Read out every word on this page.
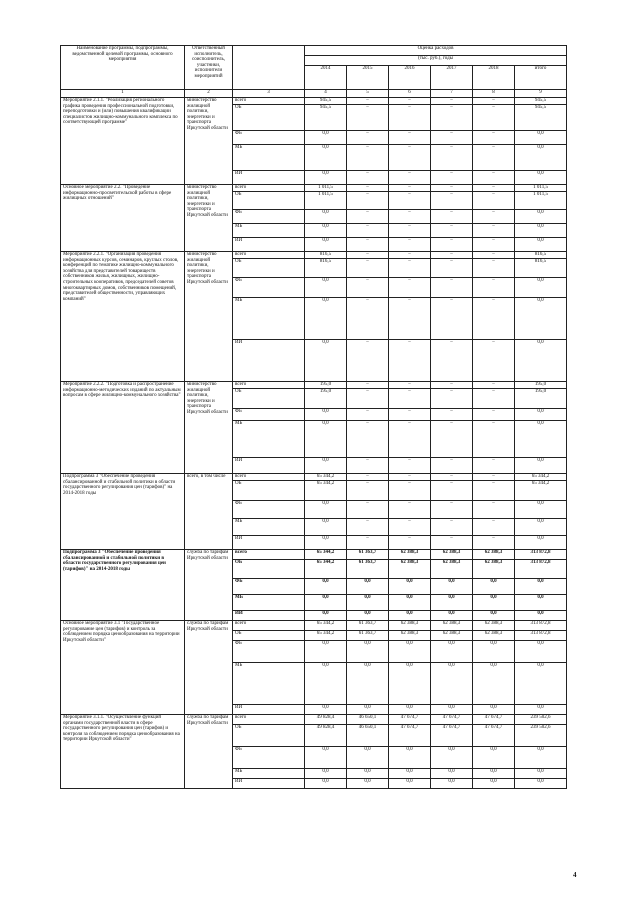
Наименование программы, подпрограммы, ведомственной целевой программы, основного мероприятия	Ответственный исполнитель, соисполнитель, участники, исполнители мероприятий		Оценка расходов					
			(тыс. руб.), годы					
			2014	2015	2016	2017	2018	итого
1	2	3	4	5	6	7	8	9
Мероприятие 2.1.1. "Реализация регионального графика проведения профессиональной подготовки, переподготовки и (или) повышения квалификации специалистов жилищно-коммунального комплекса по соответствующей программе"	министерство жилищной политики, энергетики и транспорта Иркутской области	всего	945,5	–	–	–	–	945,5
		ОБ	945,5	–	–	–	–	945,5
		ФБ	0,0	–	–	–	–	0,0
		МБ	0,0	–	–	–	–	0,0
		ИИ	0,0	–	–	–	–	0,0
Основное мероприятие 2.2. "Проведение информационно-просветительской работы в сфере жилищных отношений"	министерство жилищной политики, энергетики и транспорта Иркутской области	всего	1 011,5	–	–	–	–	1 011,5
		ОБ	1 011,5	–	–	–	–	1 011,5
		ФБ	0,0	–	–	–	–	0,0
		МБ	0,0	–	–	–	–	0,0
		ИИ	0,0	–	–	–	–	0,0
Мероприятие 2.2.1. "Организация проведения информационных курсов, семинаров, круглых столов, конференций по тематике жилищно-коммунального хозяйства для представителей товариществ собственников жилья, жилищных, жилищно-строительных кооперативов, председателей советов многоквартирных домов, собственников помещений, представителей общественности, управляющих компаний"	министерство жилищной политики, энергетики и транспорта Иркутской области	всего	816,5	–	–	–	–	816,5
		ОБ	816,5	–	–	–	–	816,5
		ФБ	0,0	–	–	–	–	0,0
		МБ	0,0	–	–	–	–	0,0
		ИИ	0,0	–	–	–	–	0,0
Мероприятие 2.2.2. "Подготовка и распространение информационно-методических изданий по актуальным вопросам в сфере жилищно-коммунального хозяйства"	министерство жилищной политики, энергетики и транспорта Иркутской области	всего	195,0	–	–	–	–	195,0
		ОБ	195,0	–	–	–	–	195,0
		ФБ	0,0	–	–	–	–	0,0
		МБ	0,0	–	–	–	–	0,0
		ИИ	0,0	–	–	–	–	0,0
Подпрограмма 3 "Обеспечение проведения сбалансированной и стабильной политики в области государственного регулирования цен (тарифов)" на 2014-2018 годы	всего, в том числе	всего	65 344,2	–	–	–	–	65 344,2
		ОБ	65 344,2	–	–	–	–	65 344,2
		ФБ	0,0	–	–	–	–	0,0
		МБ	0,0	–	–	–	–	0,0
		ИИ	0,0	–	–	–	–	0,0
Подпрограмма 3 "Обеспечение проведения сбалансированной и стабильной политики в области государственного регулирования цен (тарифов)" на 2014-2018 годы	служба по тарифам Иркутской области	всего	65 344,2	61 363,7	62 388,3	62 388,3	62 388,3	313 872,8
		ОБ	65 344,2	61 363,7	62 388,3	62 388,3	62 388,3	313 872,8
		ФБ	0,0	0,0	0,0	0,0	0,0	0,0
		МБ	0,0	0,0	0,0	0,0	0,0	0,0
		ИИ	0,0	0,0	0,0	0,0	0,0	0,0
Основное мероприятие 3.1 "Государственное регулирование цен (тарифов) и контроль за соблюдением порядка ценообразования на территории Иркутской области"	служба по тарифам Иркутской области	всего	65 344,2	61 363,7	62 388,3	62 388,3	62 388,3	313 872,8
		ОБ	65 344,2	61 363,7	62 388,3	62 388,3	62 388,3	313 872,8
		ФБ	0,0	0,0	0,0	0,0	0,0	0,0
		МБ	0,0	0,0	0,0	0,0	0,0	0,0
		ИИ	0,0	0,0	0,0	0,0	0,0	0,0
Мероприятие 3.1.1. "Осуществление функций органами государственной власти в сфере государственного регулирования цен (тарифов) и контроля за соблюдением порядка ценообразования на территории Иркутской области"	служба по тарифам Иркутской области	всего	49 828,4	46 650,1	47 674,7	47 674,7	47 674,7	239 502,6
		ОБ	49 828,4	46 650,1	47 674,7	47 674,7	47 674,7	239 502,6
		ФБ	0,0	0,0	0,0	0,0	0,0	0,0
		МБ	0,0	0,0	0,0	0,0	0,0	0,0
		ИИ	0,0	0,0	0,0	0,0	0,0	0,0
4
